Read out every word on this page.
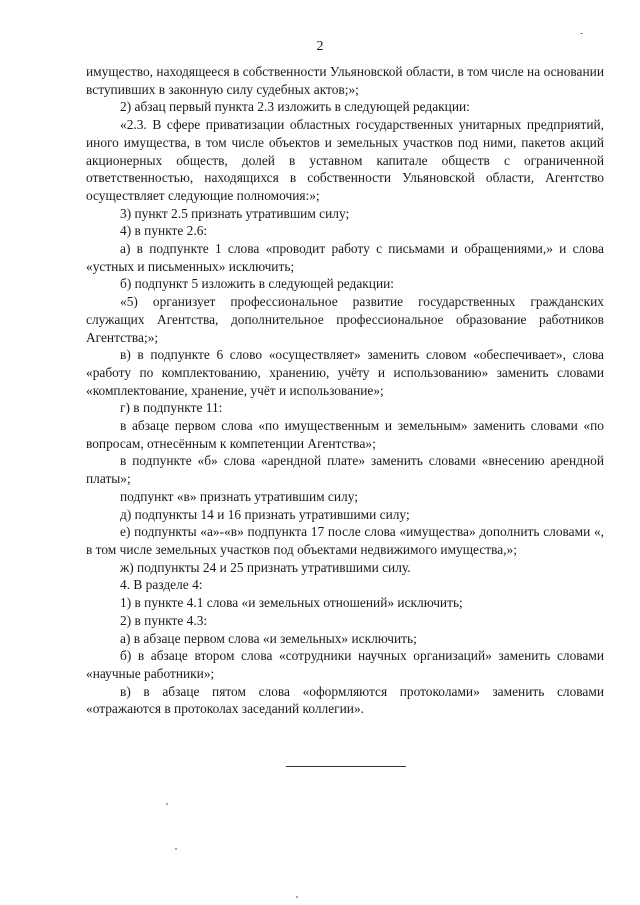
2

имущество, находящееся в собственности Ульяновской области, в том числе на основании вступивших в законную силу судебных актов;»;

2) абзац первый пункта 2.3 изложить в следующей редакции:

«2.3. В сфере приватизации областных государственных унитарных предприятий, иного имущества, в том числе объектов и земельных участков под ними, пакетов акций акционерных обществ, долей в уставном капитале обществ с ограниченной ответственностью, находящихся в собственности Ульяновской области, Агентство осуществляет следующие полномочия:»;

3) пункт 2.5 признать утратившим силу;

4) в пункте 2.6:

а) в подпункте 1 слова «проводит работу с письмами и обращениями,» и слова «устных и письменных» исключить;

б) подпункт 5 изложить в следующей редакции:

«5) организует профессиональное развитие государственных гражданских служащих Агентства, дополнительное профессиональное образование работников Агентства;»;

в) в подпункте 6 слово «осуществляет» заменить словом «обеспечивает», слова «работу по комплектованию, хранению, учёту и использованию» заменить словами «комплектование, хранение, учёт и использование»;

г) в подпункте 11:

в абзаце первом слова «по имущественным и земельным» заменить словами «по вопросам, отнесённым к компетенции Агентства»;

в подпункте «б» слова «арендной плате» заменить словами «внесению арендной платы»;

подпункт «в» признать утратившим силу;

д) подпункты 14 и 16 признать утратившими силу;

е) подпункты «а»-«в» подпункта 17 после слова «имущества» дополнить словами «, в том числе земельных участков под объектами недвижимого имущества,»;

ж) подпункты 24 и 25 признать утратившими силу.

4. В разделе 4:

1) в пункте 4.1 слова «и земельных отношений» исключить;

2) в пункте 4.3:

а) в абзаце первом слова «и земельных» исключить;

б) в абзаце втором слова «сотрудники научных организаций» заменить словами «научные работники»;

в) в абзаце пятом слова «оформляются протоколами» заменить словами «отражаются в протоколах заседаний коллегии».
